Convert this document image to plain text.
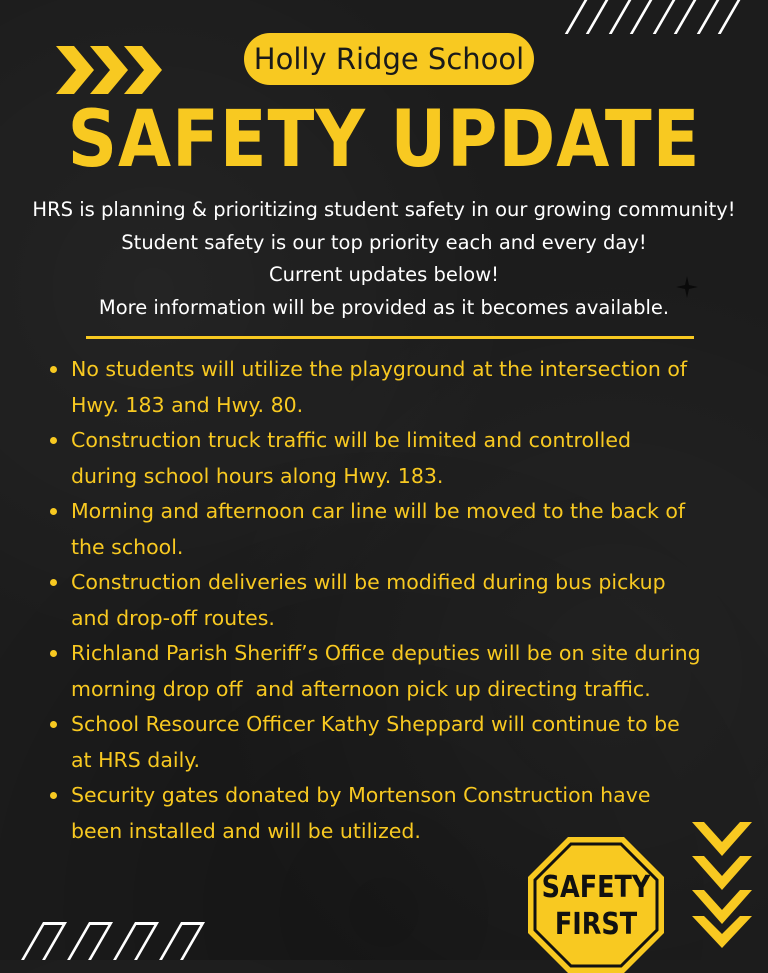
Holly Ridge School
SAFETY UPDATE
HRS is planning & prioritizing student safety in our growing community!
Student safety is our top priority each and every day!
Current updates below!
More information will be provided as it becomes available.
No students will utilize the playground at the intersection of
Hwy. 183 and Hwy. 80.
Construction truck traffic will be limited and controlled
during school hours along Hwy. 183.
Morning and afternoon car line will be moved to the back of
the school.
Construction deliveries will be modified during bus pickup
and drop-off routes.
Richland Parish Sheriff’s Office deputies will be on site during
morning drop off  and afternoon pick up directing traffic.
School Resource Officer Kathy Sheppard will continue to be
at HRS daily.
Security gates donated by Mortenson Construction have
been installed and will be utilized.
SAFETY
FIRST
